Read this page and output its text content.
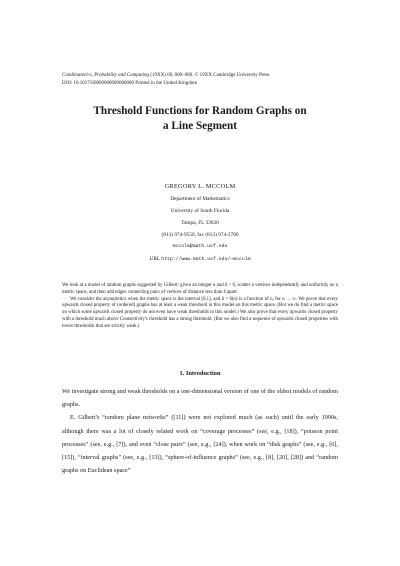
Combinatorics, Probability and Computing (19XX) 00, 000–000. © 19XX Cambridge University Press
DOI: 10.1017/S0000000000000000 Printed in the United Kingdom
Threshold Functions for Random Graphs on
a Line Segment
GREGORY L. MCCOLM
Department of Mathematics
University of South Florida
Tampa, FL 33620
(813) 974-9550, fax (813) 974-2700
mccolm@math.usf.edu
URL http://www.math.usf.edu/~mccolm

We look at a model of random graphs suggested by Gilbert: given an integer n and δ > 0, scatter n vertices independently and uniformly on a metric space, and then add edges connecting pairs of vertices of distance less than δ apart.

We consider the asymptotics when the metric space is the interval [0,1], and δ = δ(n) is a function of n, for n → ∞. We prove that every upwards closed property of (ordered) graphs has at least a weak threshold in this model on this metric space. (But we do find a metric space on which some upwards closed property do not even have weak thresholds in this model.) We also prove that every upwards closed property with a threshold much above Connectivity's threshold has a strong threshold. (But we also find a sequence of upwards closed properties with lower thresholds that are strictly weak.)

1. Introduction

We investigate strong and weak thresholds on a one-dimensional version of one of the oldest models of random graphs.

E. Gilbert's “random plane networks” ([11]) were not explored much (as such) until the early 1990s, although there was a lot of closely related work on “coverage processes” (see, e.g., [18]), “poisson point processes” (see, e.g., [7]), and even “close pairs” (see, e.g., [24]), when work on “disk graphs” (see, e.g., [6], [15]), “interval graphs” (see, e.g., [13]), “sphere-of-influence graphs” (see, e.g., [8], [20], [28]) and “random graphs on Euclidean space”
